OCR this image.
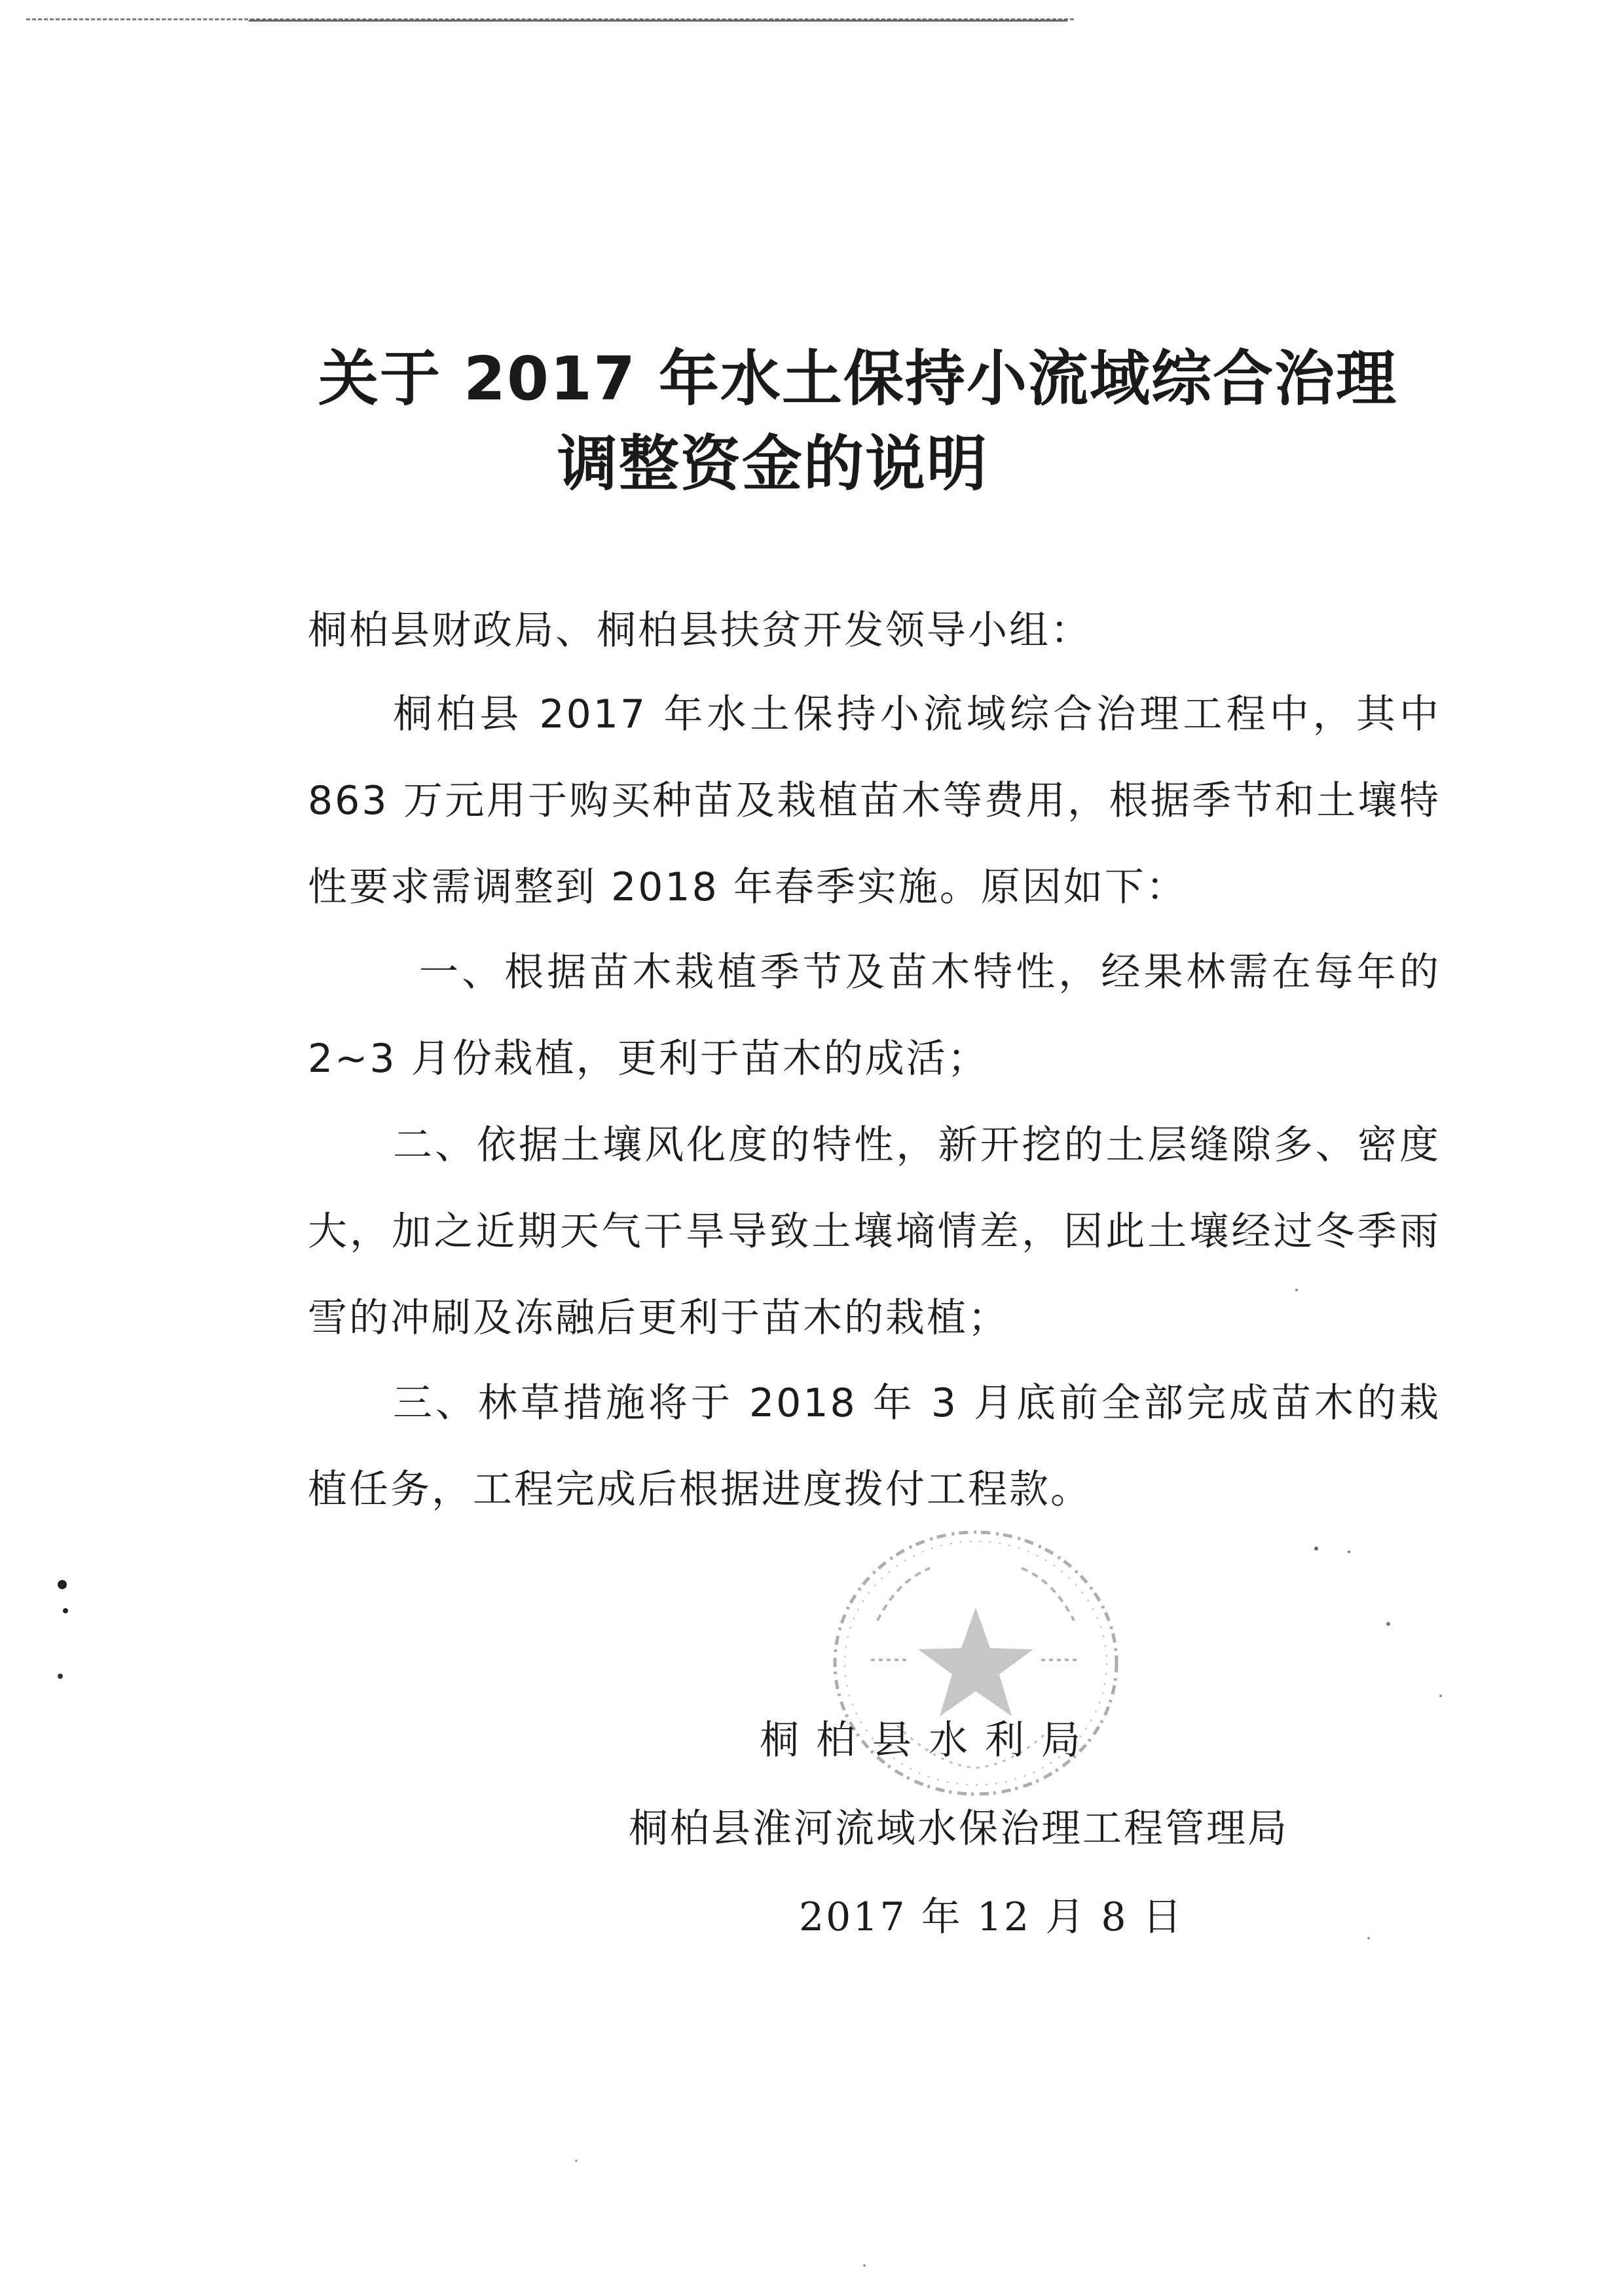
关于 2017 年水土保持小流域综合治理
调整资金的说明
桐柏县财政局、桐柏县扶贫开发领导小组：

桐柏县 2017 年水土保持小流域综合治理工程中，其中 863 万元用于购买种苗及栽植苗木等费用，根据季节和土壤特性要求需调整到 2018 年春季实施。原因如下：

一、根据苗木栽植季节及苗木特性，经果林需在每年的 2~3 月份栽植，更利于苗木的成活；

二、依据土壤风化度的特性，新开挖的土层缝隙多、密度大，加之近期天气干旱导致土壤墒情差，因此土壤经过冬季雨雪的冲刷及冻融后更利于苗木的栽植；

三、林草措施将于 2018 年 3 月底前全部完成苗木的栽植任务，工程完成后根据进度拨付工程款。

桐柏县水利局
桐柏县淮河流域水保治理工程管理局
2017 年 12 月 8 日
